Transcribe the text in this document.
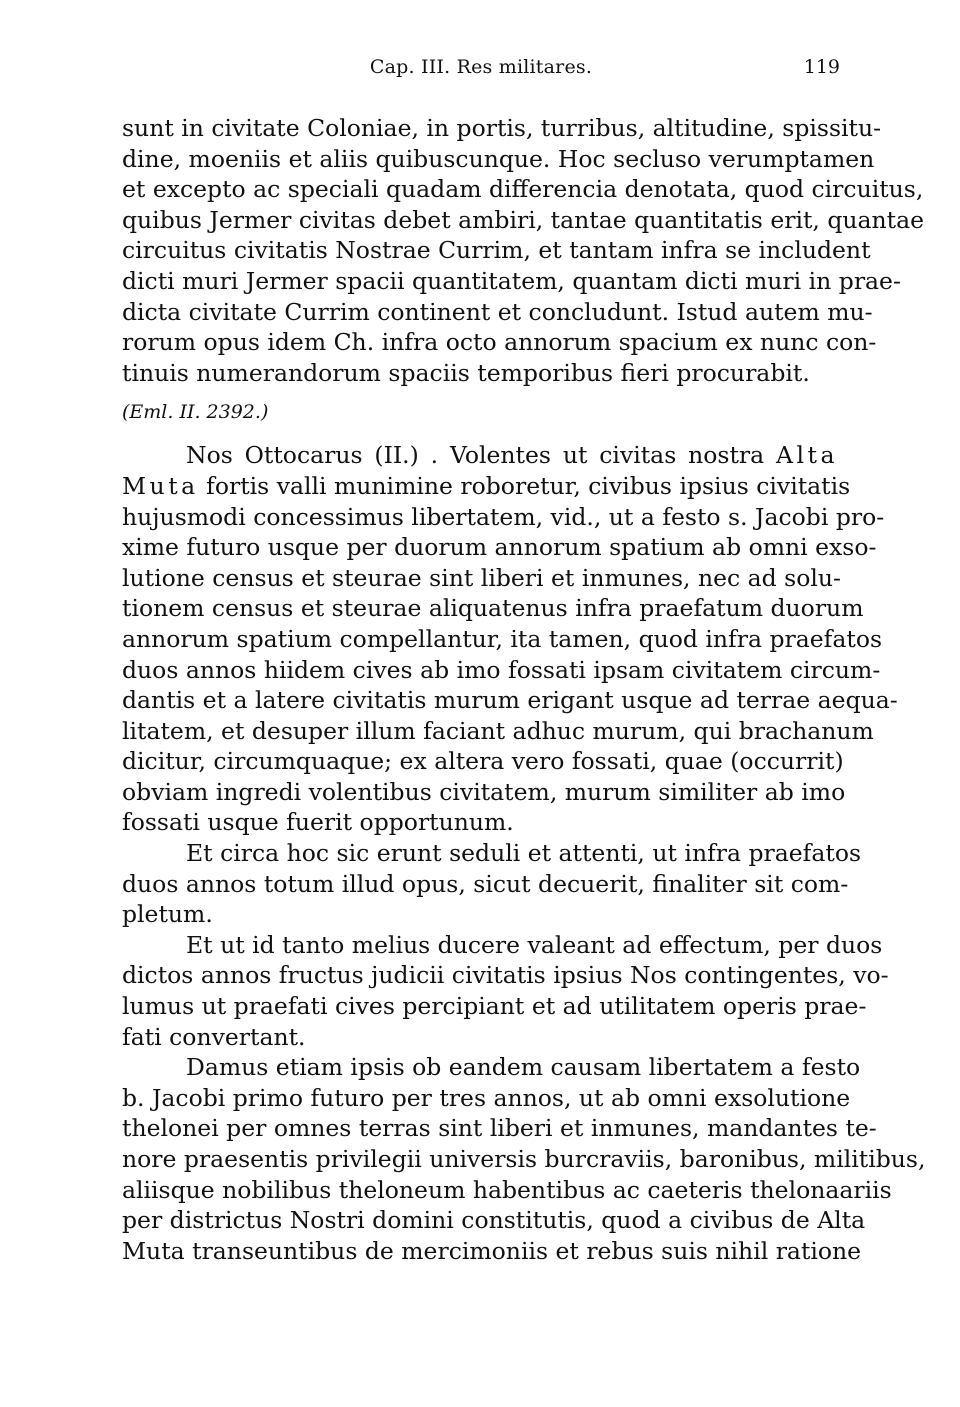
Cap. III. Res militares.	119
sunt in civitate Coloniae, in portis, turribus, altitudine, spissitu-
dine, moeniis et aliis quibuscunque. Hoc secluso verumptamen
et excepto ac speciali quadam differencia denotata, quod circuitus,
quibus Jermer civitas debet ambiri, tantae quantitatis erit, quantae
circuitus civitatis Nostrae Currim, et tantam infra se includent
dicti muri Jermer spacii quantitatem, quantam dicti muri in prae-
dicta civitate Currim continent et concludunt. Istud autem mu-
rorum opus idem Ch. infra octo annorum spacium ex nunc con-
tinuis numerandorum spaciis temporibus fieri procurabit.
(Eml. II. 2392.)
Nos Ottocarus (II.) . Volentes ut civitas nostra Alta
Muta fortis valli munimine roboretur, civibus ipsius civitatis
hujusmodi concessimus libertatem, vid., ut a festo s. Jacobi pro-
xime futuro usque per duorum annorum spatium ab omni exso-
lutione census et steurae sint liberi et inmunes, nec ad solu-
tionem census et steurae aliquatenus infra praefatum duorum
annorum spatium compellantur, ita tamen, quod infra praefatos
duos annos hiidem cives ab imo fossati ipsam civitatem circum-
dantis et a latere civitatis murum erigant usque ad terrae aequa-
litatem, et desuper illum faciant adhuc murum, qui brachanum
dicitur, circumquaque; ex altera vero fossati, quae (occurrit)
obviam ingredi volentibus civitatem, murum similiter ab imo
fossati usque fuerit opportunum.
Et circa hoc sic erunt seduli et attenti, ut infra praefatos
duos annos totum illud opus, sicut decuerit, finaliter sit com-
pletum.
Et ut id tanto melius ducere valeant ad effectum, per duos
dictos annos fructus judicii civitatis ipsius Nos contingentes, vo-
lumus ut praefati cives percipiant et ad utilitatem operis prae-
fati convertant.
Damus etiam ipsis ob eandem causam libertatem a festo
b. Jacobi primo futuro per tres annos, ut ab omni exsolutione
thelonei per omnes terras sint liberi et inmunes, mandantes te-
nore praesentis privilegii universis burcraviis, baronibus, militibus,
aliisque nobilibus theloneum habentibus ac caeteris thelonaariis
per districtus Nostri domini constitutis, quod a civibus de Alta
Muta transeuntibus de mercimoniis et rebus suis nihil ratione
